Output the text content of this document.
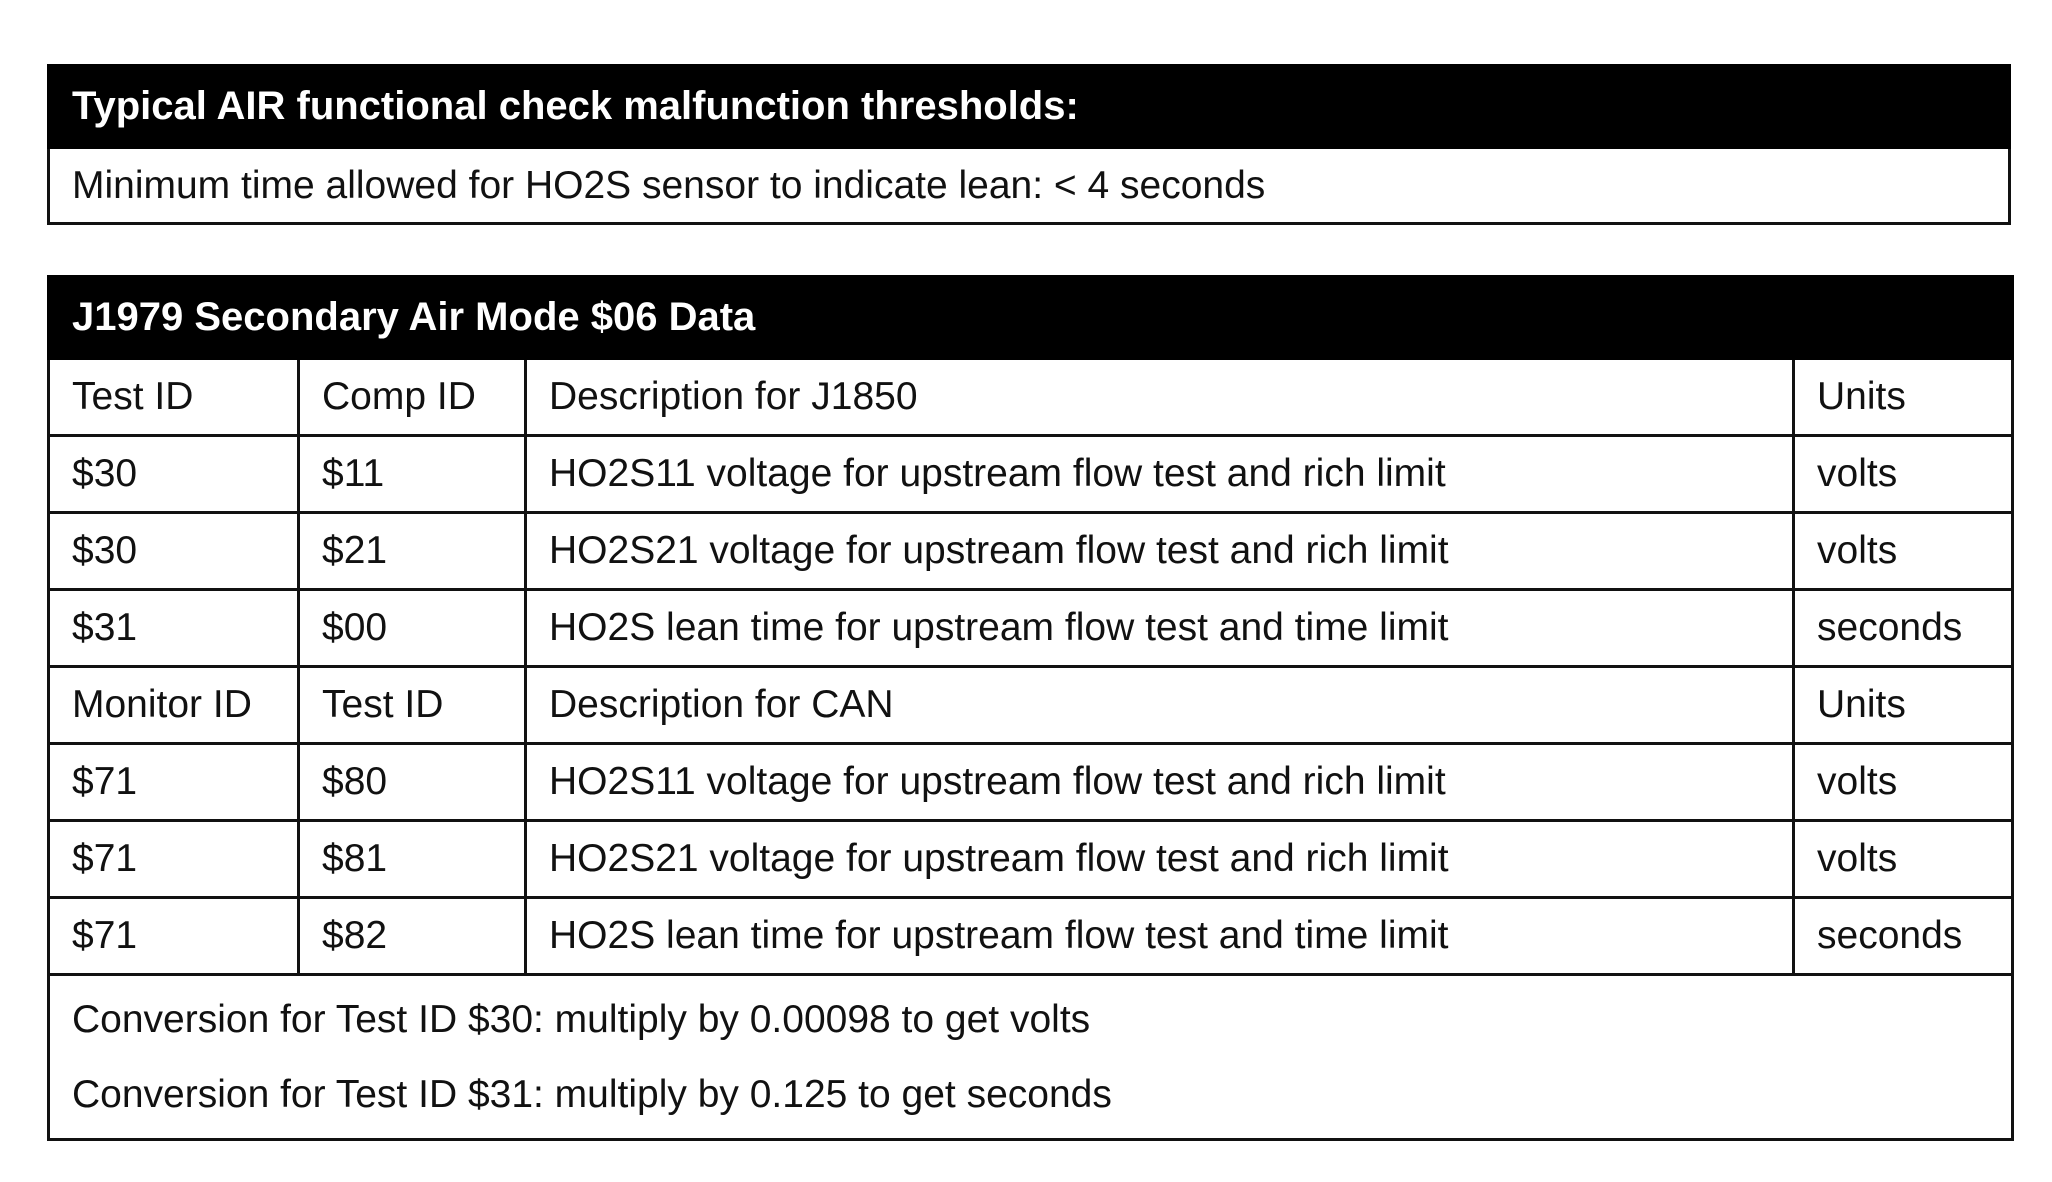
Typical AIR functional check malfunction thresholds:
Minimum time allowed for HO2S sensor to indicate lean: < 4 seconds
J1979 Secondary Air Mode $06 Data			
Test ID	Comp ID	Description for J1850	Units
$30	$11	HO2S11 voltage for upstream flow test and rich limit	volts
$30	$21	HO2S21 voltage for upstream flow test and rich limit	volts
$31	$00	HO2S lean time for upstream flow test and time limit	seconds
Monitor ID	Test ID	Description for CAN	Units
$71	$80	HO2S11 voltage for upstream flow test and rich limit	volts
$71	$81	HO2S21 voltage for upstream flow test and rich limit	volts
$71	$82	HO2S lean time for upstream flow test and time limit	seconds

Conversion for Test ID $30: multiply by 0.00098 to get volts
Conversion for Test ID $31: multiply by 0.125 to get seconds			
